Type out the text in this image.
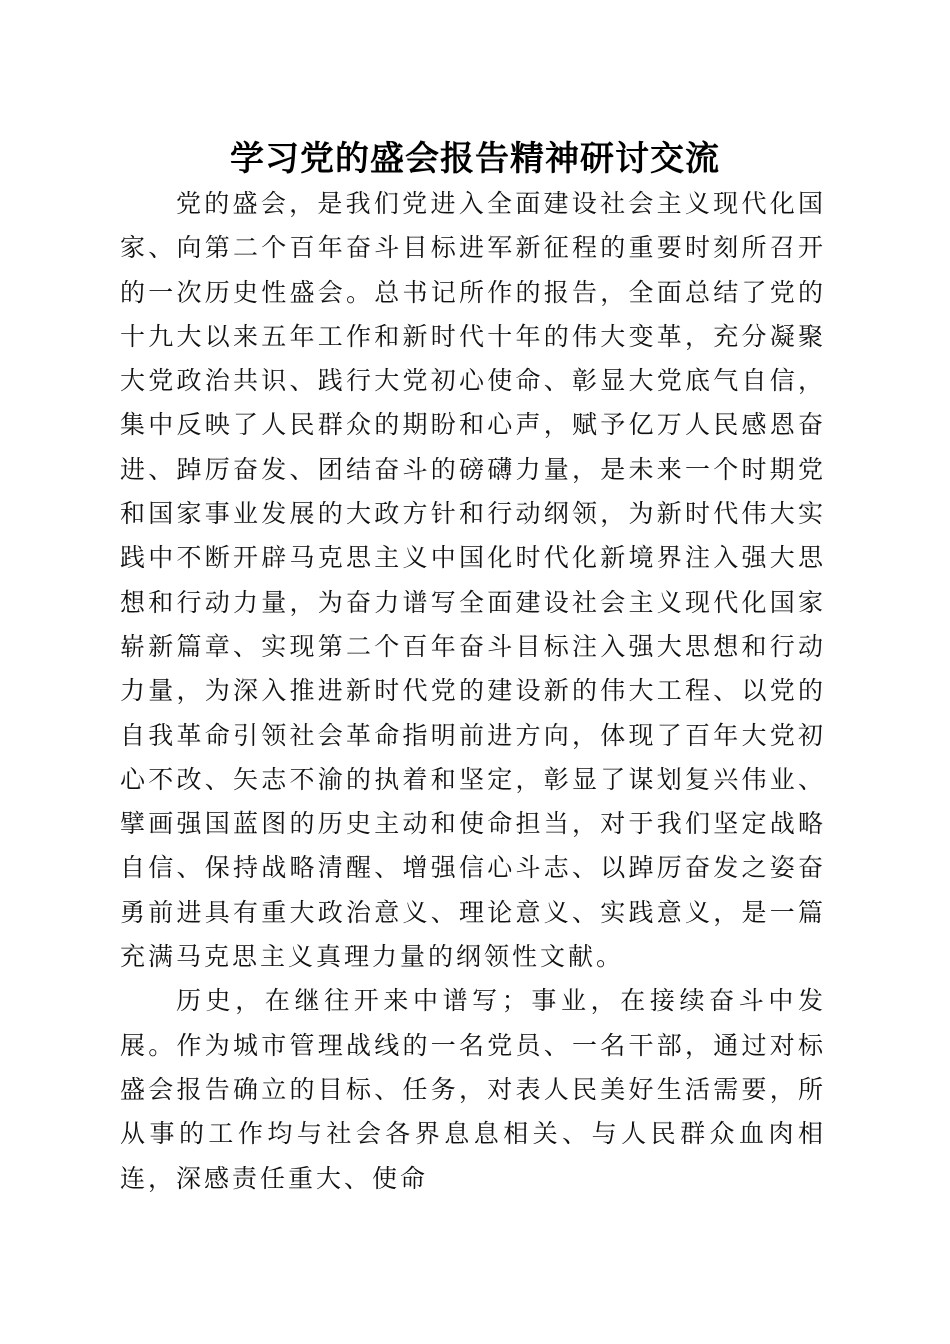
学习党的盛会报告精神研讨交流

党的盛会，是我们党进入全面建设社会主义现代化国家、向第二个百年奋斗目标进军新征程的重要时刻所召开的一次历史性盛会。总书记所作的报告，全面总结了党的十九大以来五年工作和新时代十年的伟大变革，充分凝聚大党政治共识、践行大党初心使命、彰显大党底气自信，集中反映了人民群众的期盼和心声，赋予亿万人民感恩奋进、踔厉奋发、团结奋斗的磅礴力量，是未来一个时期党和国家事业发展的大政方针和行动纲领，为新时代伟大实践中不断开辟马克思主义中国化时代化新境界注入强大思想和行动力量，为奋力谱写全面建设社会主义现代化国家崭新篇章、实现第二个百年奋斗目标注入强大思想和行动力量，为深入推进新时代党的建设新的伟大工程、以党的自我革命引领社会革命指明前进方向，体现了百年大党初心不改、矢志不渝的执着和坚定，彰显了谋划复兴伟业、擘画强国蓝图的历史主动和使命担当，对于我们坚定战略自信、保持战略清醒、增强信心斗志、以踔厉奋发之姿奋勇前进具有重大政治意义、理论意义、实践意义，是一篇充满马克思主义真理力量的纲领性文献。

历史，在继往开来中谱写；事业，在接续奋斗中发展。作为城市管理战线的一名党员、一名干部，通过对标盛会报告确立的目标、任务，对表人民美好生活需要，所从事的工作均与社会各界息息相关、与人民群众血肉相连，深感责任重大、使命
